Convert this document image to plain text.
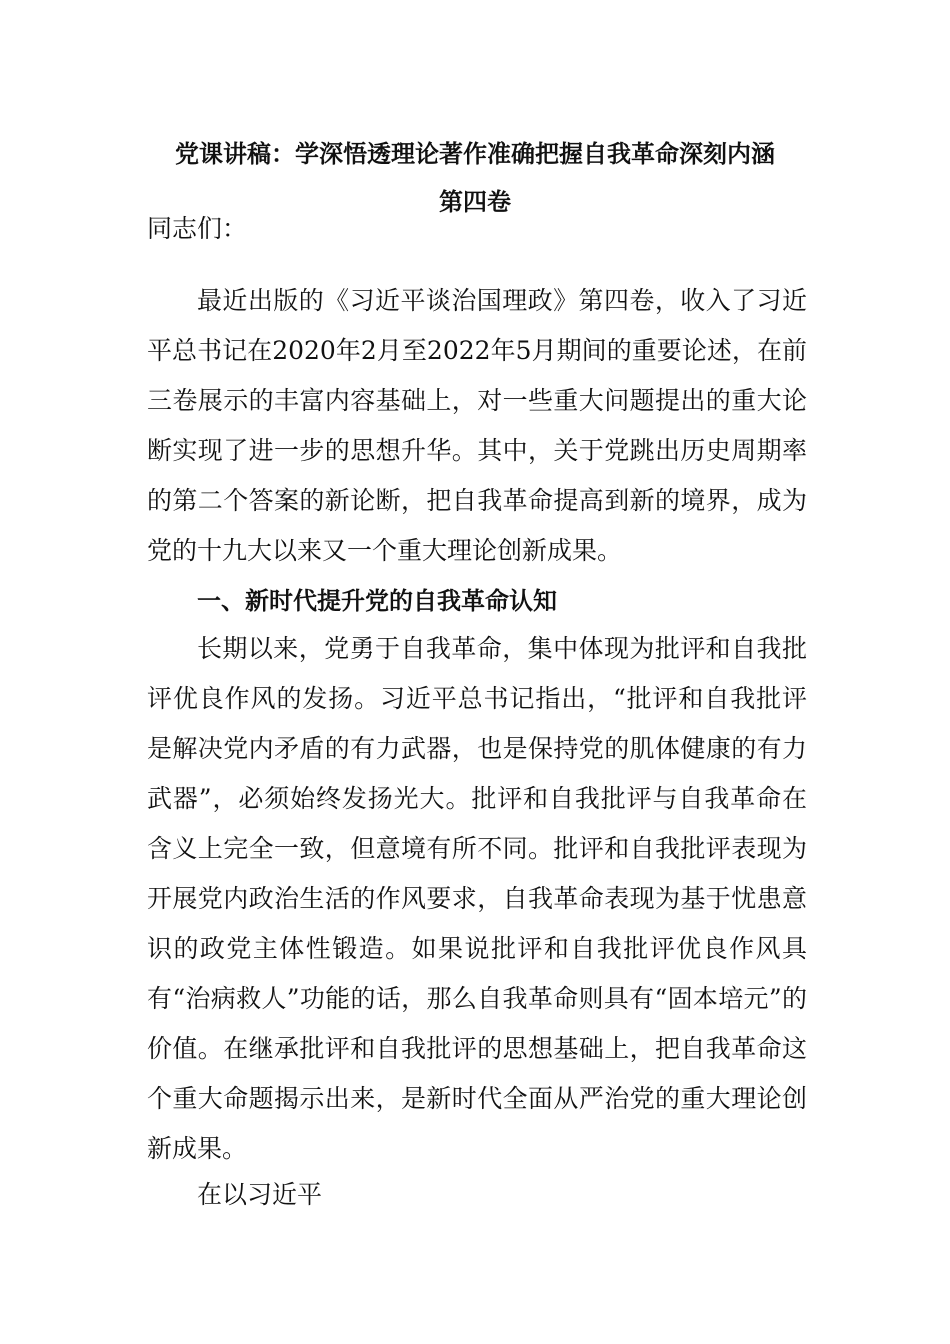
党课讲稿：学深悟透理论著作准确把握自我革命深刻内涵
第四卷
同志们：

最近出版的《习近平谈治国理政》第四卷，收入了习近平总书记在2020年2月至2022年5月期间的重要论述，在前三卷展示的丰富内容基础上，对一些重大问题提出的重大论断实现了进一步的思想升华。其中，关于党跳出历史周期率的第二个答案的新论断，把自我革命提高到新的境界，成为党的十九大以来又一个重大理论创新成果。

一、新时代提升党的自我革命认知

长期以来，党勇于自我革命，集中体现为批评和自我批评优良作风的发扬。习近平总书记指出，“批评和自我批评是解决党内矛盾的有力武器，也是保持党的肌体健康的有力武器”，必须始终发扬光大。批评和自我批评与自我革命在含义上完全一致，但意境有所不同。批评和自我批评表现为开展党内政治生活的作风要求，自我革命表现为基于忧患意识的政党主体性锻造。如果说批评和自我批评优良作风具有“治病救人”功能的话，那么自我革命则具有“固本培元”的价值。在继承批评和自我批评的思想基础上，把自我革命这个重大命题揭示出来，是新时代全面从严治党的重大理论创新成果。

在以习近平
